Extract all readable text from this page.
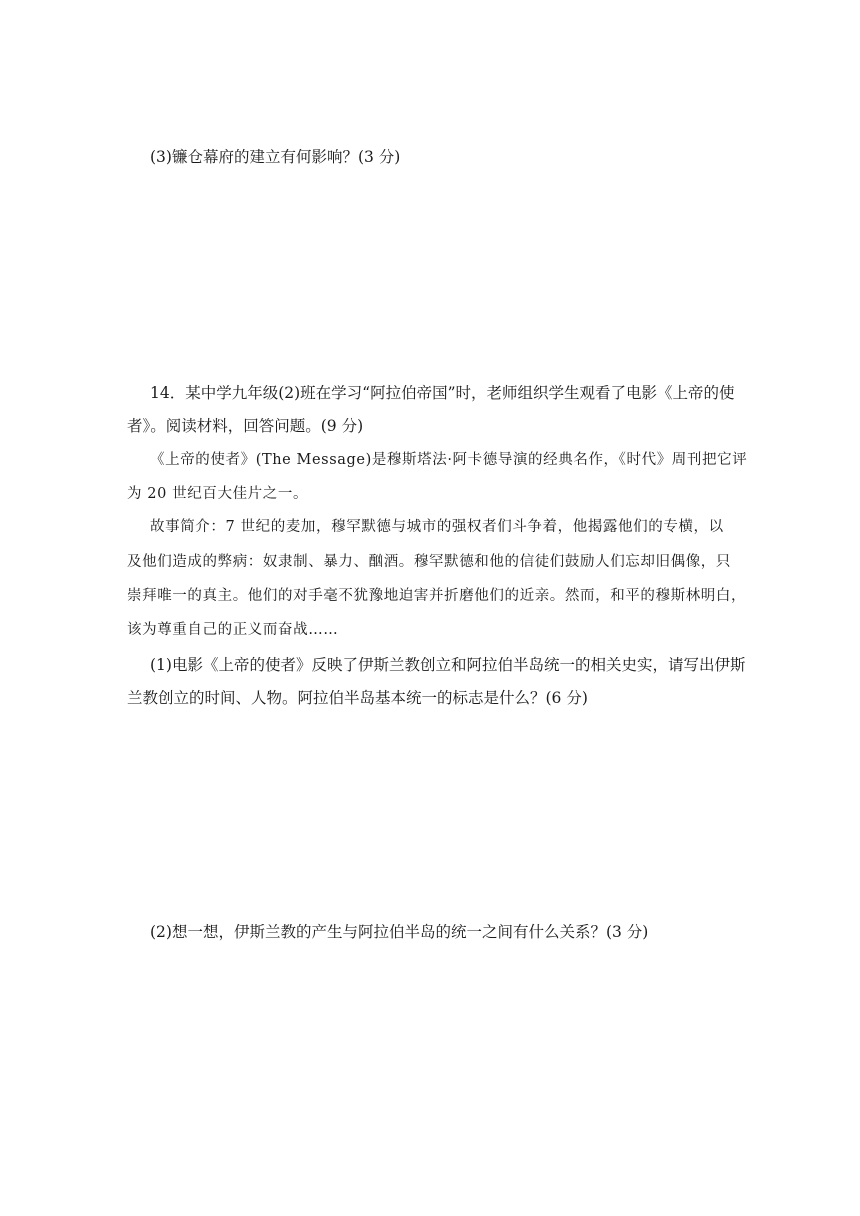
(3)镰仓幕府的建立有何影响？(3 分)

14．某中学九年级(2)班在学习“阿拉伯帝国”时，老师组织学生观看了电影《上帝的使

者》。阅读材料，回答问题。(9 分)

《上帝的使者》(The Message)是穆斯塔法·阿卡德导演的经典名作，《时代》周刊把它评

为 20 世纪百大佳片之一。

故事简介：7 世纪的麦加，穆罕默德与城市的强权者们斗争着，他揭露他们的专横，以

及他们造成的弊病：奴隶制、暴力、酗酒。穆罕默德和他的信徒们鼓励人们忘却旧偶像，只

崇拜唯一的真主。他们的对手毫不犹豫地迫害并折磨他们的近亲。然而，和平的穆斯林明白，

该为尊重自己的正义而奋战……

(1)电影《上帝的使者》反映了伊斯兰教创立和阿拉伯半岛统一的相关史实，请写出伊斯

兰教创立的时间、人物。阿拉伯半岛基本统一的标志是什么？(6 分)

(2)想一想，伊斯兰教的产生与阿拉伯半岛的统一之间有什么关系？(3 分)
